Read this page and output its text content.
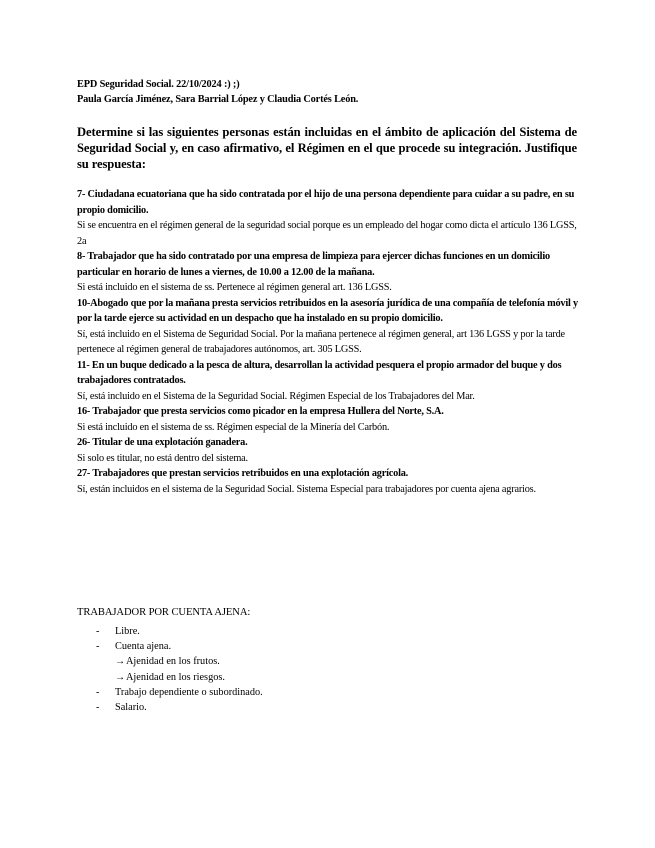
EPD Seguridad Social. 22/10/2024 :) ;)
Paula García Jiménez, Sara Barrial López y Claudia Cortés León.
Determine si las siguientes personas están incluidas en el ámbito de aplicación del Sistema de Seguridad Social y, en caso afirmativo, el Régimen en el que procede su integración. Justifique su respuesta:
7- Ciudadana ecuatoriana que ha sido contratada por el hijo de una persona dependiente para cuidar a su padre, en su propio domicilio.
Si se encuentra en el régimen general de la seguridad social porque es un empleado del hogar como dicta el artículo 136 LGSS, 2a
8- Trabajador que ha sido contratado por una empresa de limpieza para ejercer dichas funciones en un domicilio particular en horario de lunes a viernes, de 10.00 a 12.00 de la mañana.
Si está incluido en el sistema de ss. Pertenece al régimen general art. 136 LGSS.
10-Abogado que por la mañana presta servicios retribuidos en la asesoría jurídica de una compañía de telefonía móvil y por la tarde ejerce su actividad en un despacho que ha instalado en su propio domicilio.
Sí, está incluido en el Sistema de Seguridad Social. Por la mañana pertenece al régimen general, art 136 LGSS y por la tarde pertenece al régimen general de trabajadores autónomos, art. 305 LGSS.
11- En un buque dedicado a la pesca de altura, desarrollan la actividad pesquera el propio armador del buque y dos trabajadores contratados.
Sí, está incluido en el Sistema de la Seguridad Social. Régimen Especial de los Trabajadores del Mar.
16- Trabajador que presta servicios como picador en la empresa Hullera del Norte, S.A.
Si está incluido en el sistema de ss. Régimen especial de la Minería del Carbón.
26- Titular de una explotación ganadera.
Si solo es titular, no está dentro del sistema.
27- Trabajadores que prestan servicios retribuidos en una explotación agrícola.
Sí, están incluidos en el sistema de la Seguridad Social. Sistema Especial para trabajadores por cuenta ajena agrarios.
TRABAJADOR POR CUENTA AJENA:
- Libre.
- Cuenta ajena.
→ Ajenidad en los frutos.
→ Ajenidad en los riesgos.
- Trabajo dependiente o subordinado.
- Salario.
